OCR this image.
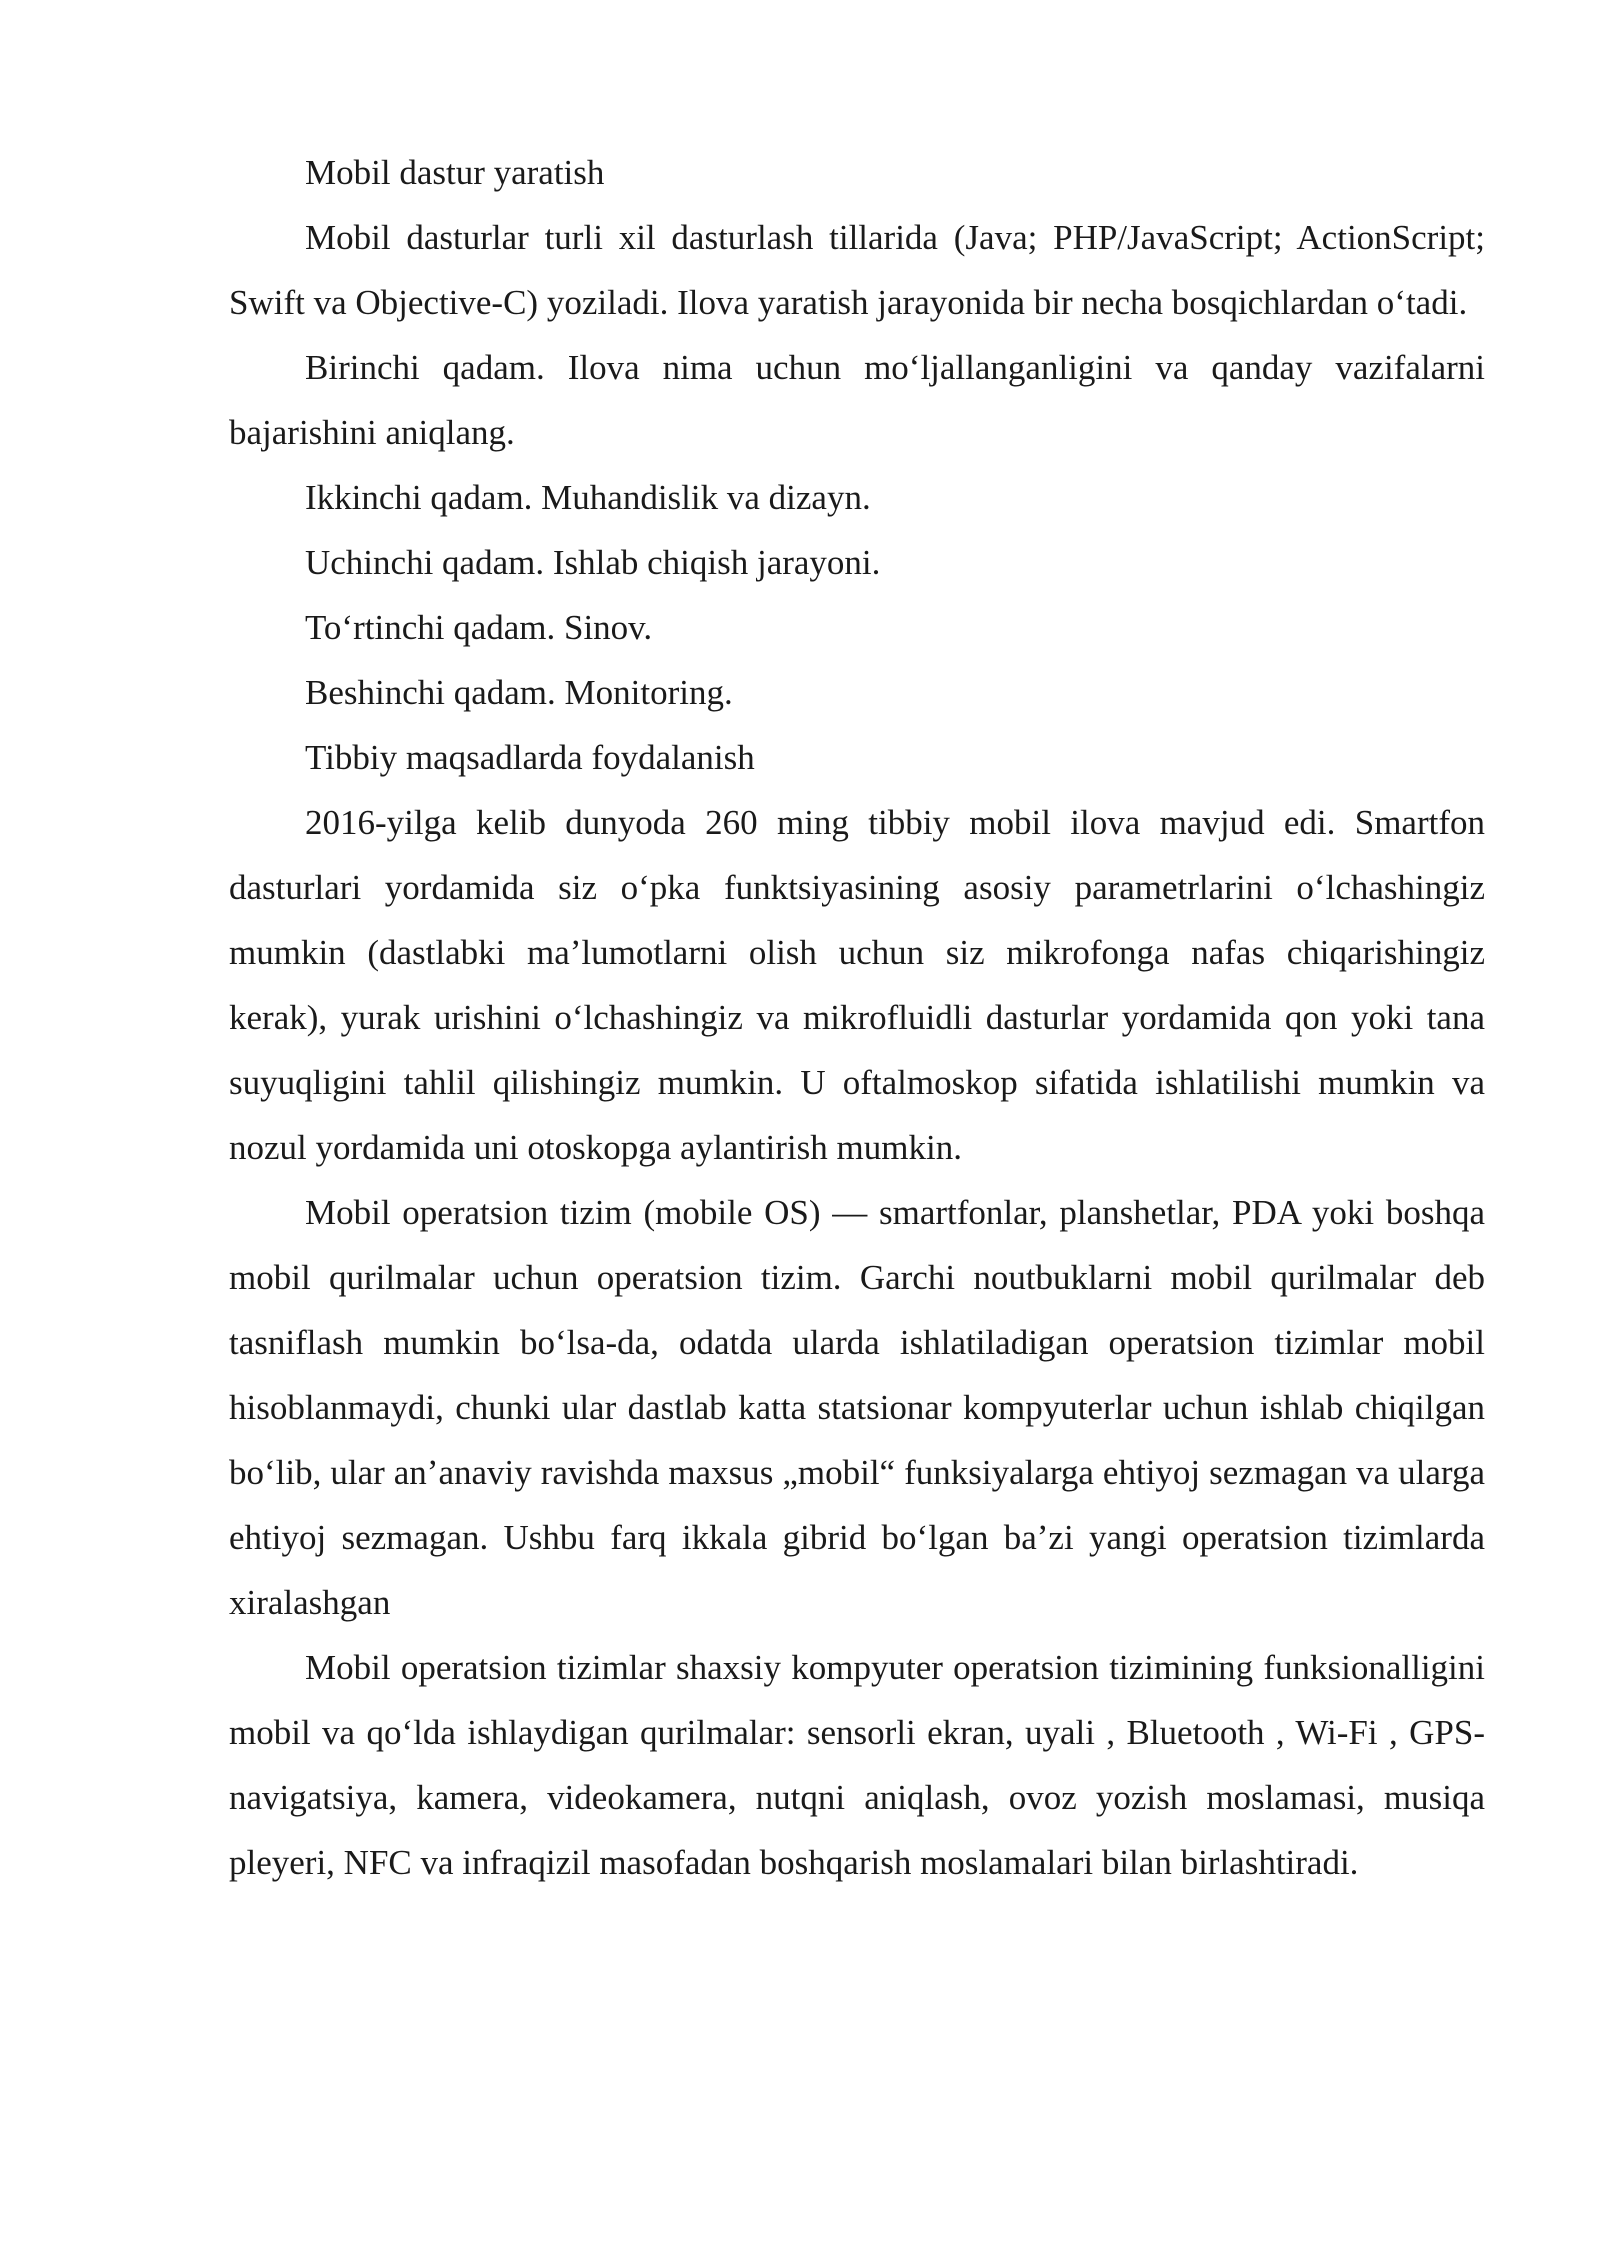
Mobil dastur yaratish

Mobil dasturlar turli xil dasturlash tillarida (Java; PHP/JavaScript; ActionScript; Swift va Objective-C) yoziladi. Ilova yaratish jarayonida bir necha bosqichlardan oʻtadi.

Birinchi qadam. Ilova nima uchun moʻljallanganligini va qanday vazifalarni bajarishini aniqlang.

Ikkinchi qadam. Muhandislik va dizayn.

Uchinchi qadam. Ishlab chiqish jarayoni.

Toʻrtinchi qadam. Sinov.

Beshinchi qadam. Monitoring.

Tibbiy maqsadlarda foydalanish

2016-yilga kelib dunyoda 260 ming tibbiy mobil ilova mavjud edi. Smartfon dasturlari yordamida siz oʻpka funktsiyasining asosiy parametrlarini oʻlchashingiz mumkin (dastlabki maʼlumotlarni olish uchun siz mikrofonga nafas chiqarishingiz kerak), yurak urishini oʻlchashingiz va mikrofluidli dasturlar yordamida qon yoki tana suyuqligini tahlil qilishingiz mumkin. U oftalmoskop sifatida ishlatilishi mumkin va nozul yordamida uni otoskopga aylantirish mumkin.

Mobil operatsion tizim (mobile OS) — smartfonlar, planshetlar, PDA yoki boshqa mobil qurilmalar uchun operatsion tizim. Garchi noutbuklarni mobil qurilmalar deb tasniflash mumkin boʻlsa-da, odatda ularda ishlatiladigan operatsion tizimlar mobil hisoblanmaydi, chunki ular dastlab katta statsionar kompyuterlar uchun ishlab chiqilgan boʻlib, ular anʼanaviy ravishda maxsus „mobil“ funksiyalarga ehtiyoj sezmagan va ularga ehtiyoj sezmagan. Ushbu farq ikkala gibrid boʻlgan baʼzi yangi operatsion tizimlarda xiralashgan

Mobil operatsion tizimlar shaxsiy kompyuter operatsion tizimining funksionalligini mobil va qoʻlda ishlaydigan qurilmalar: sensorli ekran, uyali , Bluetooth , Wi-Fi , GPS-navigatsiya, kamera, videokamera, nutqni aniqlash, ovoz yozish moslamasi, musiqa pleyeri, NFC va infraqizil masofadan boshqarish moslamalari bilan birlashtiradi.
